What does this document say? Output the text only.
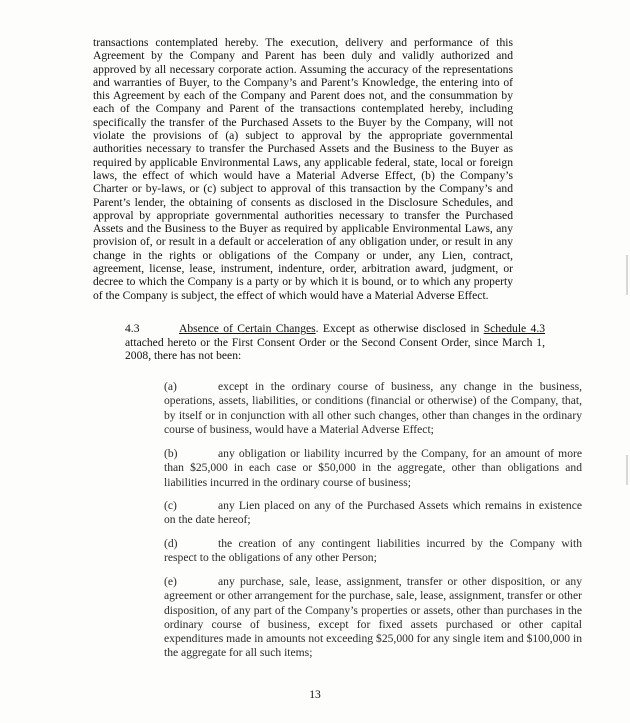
transactions contemplated hereby. The execution, delivery and performance of this Agreement by the Company and Parent has been duly and validly authorized and approved by all necessary corporate action. Assuming the accuracy of the representations and warranties of Buyer, to the Company’s and Parent’s Knowledge, the entering into of this Agreement by each of the Company and Parent does not, and the consummation by each of the Company and Parent of the transactions contemplated hereby, including specifically the transfer of the Purchased Assets to the Buyer by the Company, will not violate the provisions of (a) subject to approval by the appropriate governmental authorities necessary to transfer the Purchased Assets and the Business to the Buyer as required by applicable Environmental Laws, any applicable federal, state, local or foreign laws, the effect of which would have a Material Adverse Effect, (b) the Company’s Charter or by-laws, or (c) subject to approval of this transaction by the Company’s and Parent’s lender, the obtaining of consents as disclosed in the Disclosure Schedules, and approval by appropriate governmental authorities necessary to transfer the Purchased Assets and the Business to the Buyer as required by applicable Environmental Laws, any provision of, or result in a default or acceleration of any obligation under, or result in any change in the rights or obligations of the Company or under, any Lien, contract, agreement, license, lease, instrument, indenture, order, arbitration award, judgment, or decree to which the Company is a party or by which it is bound, or to which any property of the Company is subject, the effect of which would have a Material Adverse Effect.

4.3	Absence of Certain Changes. Except as otherwise disclosed in Schedule 4.3 attached hereto or the First Consent Order or the Second Consent Order, since March 1, 2008, there has not been:

(a)	except in the ordinary course of business, any change in the business, operations, assets, liabilities, or conditions (financial or otherwise) of the Company, that, by itself or in conjunction with all other such changes, other than changes in the ordinary course of business, would have a Material Adverse Effect;

(b)	any obligation or liability incurred by the Company, for an amount of more than $25,000 in each case or $50,000 in the aggregate, other than obligations and liabilities incurred in the ordinary course of business;

(c)	any Lien placed on any of the Purchased Assets which remains in existence on the date hereof;

(d)	the creation of any contingent liabilities incurred by the Company with respect to the obligations of any other Person;

(e)	any purchase, sale, lease, assignment, transfer or other disposition, or any agreement or other arrangement for the purchase, sale, lease, assignment, transfer or other disposition, of any part of the Company’s properties or assets, other than purchases in the ordinary course of business, except for fixed assets purchased or other capital expenditures made in amounts not exceeding $25,000 for any single item and $100,000 in the aggregate for all such items;

13
